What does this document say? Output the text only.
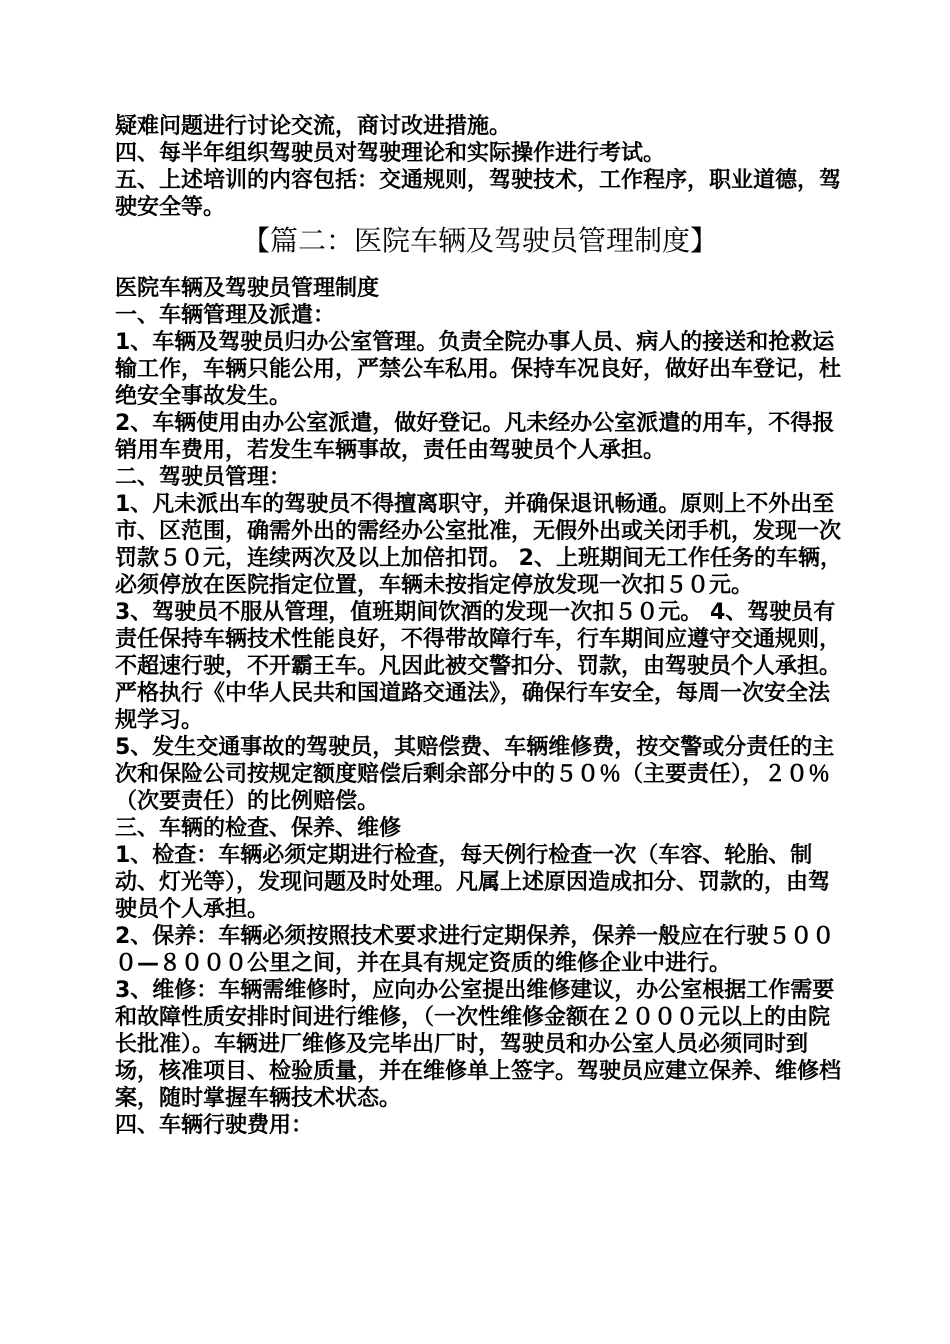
疑难问题进行讨论交流，商讨改进措施。

四、每半年组织驾驶员对驾驶理论和实际操作进行考试。

五、上述培训的内容包括：交通规则，驾驶技术，工作程序，职业道德，驾驶安全等。

【篇二：医院车辆及驾驶员管理制度】

医院车辆及驾驶员管理制度

一、车辆管理及派遣：

1、车辆及驾驶员归办公室管理。负责全院办事人员、病人的接送和抢救运输工作，车辆只能公用，严禁公车私用。保持车况良好，做好出车登记，杜绝安全事故发生。

2、车辆使用由办公室派遣，做好登记。凡未经办公室派遣的用车，不得报销用车费用，若发生车辆事故，责任由驾驶员个人承担。

二、驾驶员管理：

1、凡未派出车的驾驶员不得擅离职守，并确保退讯畅通。原则上不外出至市、区范围，确需外出的需经办公室批准，无假外出或关闭手机，发现一次罚款５０元，连续两次及以上加倍扣罚。 2、上班期间无工作任务的车辆，必须停放在医院指定位置，车辆未按指定停放发现一次扣５０元。

3、驾驶员不服从管理，值班期间饮酒的发现一次扣５０元。 4、驾驶员有责任保持车辆技术性能良好，不得带故障行车，行车期间应遵守交通规则，不超速行驶，不开霸王车。凡因此被交警扣分、罚款，由驾驶员个人承担。严格执行《中华人民共和国道路交通法》，确保行车安全，每周一次安全法规学习。

5、发生交通事故的驾驶员，其赔偿费、车辆维修费，按交警或分责任的主次和保险公司按规定额度赔偿后剩余部分中的５０％（主要责任），２０％（次要责任）的比例赔偿。

三、车辆的检查、保养、维修

1、检查：车辆必须定期进行检查，每天例行检查一次（车容、轮胎、制动、灯光等），发现问题及时处理。凡属上述原因造成扣分、罚款的，由驾驶员个人承担。

2、保养：车辆必须按照技术要求进行定期保养，保养一般应在行驶５０００—８０００公里之间，并在具有规定资质的维修企业中进行。

3、维修：车辆需维修时，应向办公室提出维修建议，办公室根据工作需要和故障性质安排时间进行维修，（一次性维修金额在２０００元以上的由院长批准）。车辆进厂维修及完毕出厂时，驾驶员和办公室人员必须同时到场，核准项目、检验质量，并在维修单上签字。驾驶员应建立保养、维修档案，随时掌握车辆技术状态。

四、车辆行驶费用：
